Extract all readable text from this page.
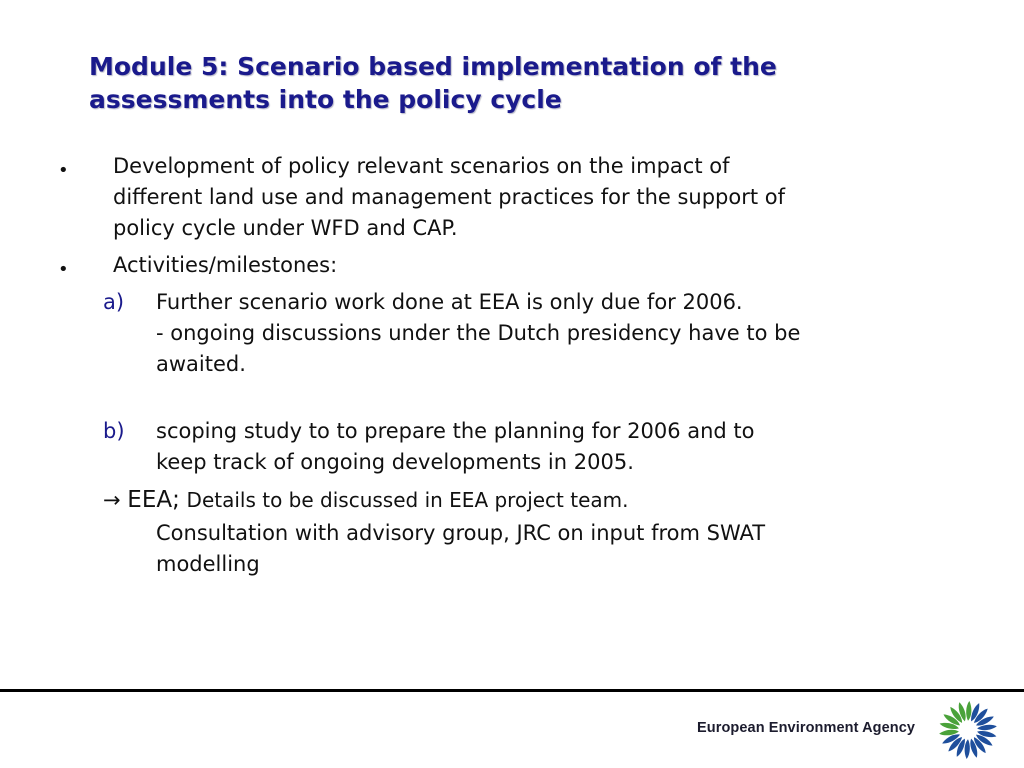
Module 5: Scenario based implementation of the assessments into the policy cycle
• Development of policy relevant scenarios on the impact of
different land use and management practices for the support of
policy cycle under WFD and CAP.
• Activities/milestones:
a) Further scenario work done at EEA is only due for 2006.
- ongoing discussions under the Dutch presidency have to be
awaited.
b) scoping study to to prepare the planning for 2006 and to
keep track of ongoing developments in 2005.
→ EEA; Details to be discussed in EEA project team.
Consultation with advisory group, JRC on input from SWAT
modelling
European Environment Agency
